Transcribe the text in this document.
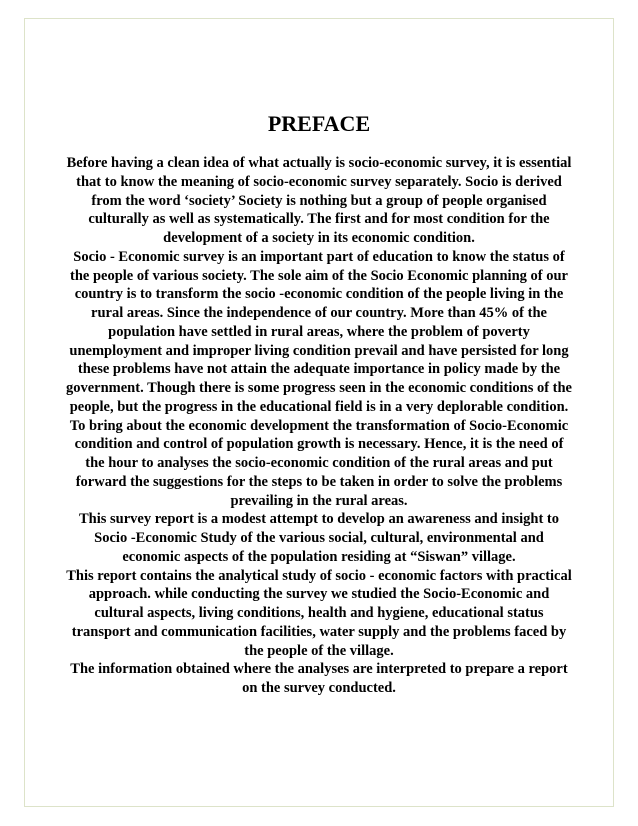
PREFACE
Before having a clean idea of what actually is socio-economic survey, it is essential
that to know the meaning of socio-economic survey separately. Socio is derived
from the word ‘society’ Society is nothing but a group of people organised
culturally as well as systematically. The first and for most condition for the
development of a society in its economic condition.
Socio - Economic survey is an important part of education to know the status of
the people of various society. The sole aim of the Socio Economic planning of our
country is to transform the socio -economic condition of the people living in the
rural areas. Since the independence of our country. More than 45% of the
population have settled in rural areas, where the problem of poverty
unemployment and improper living condition prevail and have persisted for long
these problems have not attain the adequate importance in policy made by the
government. Though there is some progress seen in the economic conditions of the
people, but the progress in the educational field is in a very deplorable condition.
To bring about the economic development the transformation of Socio-Economic
condition and control of population growth is necessary. Hence, it is the need of
the hour to analyses the socio-economic condition of the rural areas and put
forward the suggestions for the steps to be taken in order to solve the problems
prevailing in the rural areas.
This survey report is a modest attempt to develop an awareness and insight to
Socio -Economic Study of the various social, cultural, environmental and
economic aspects of the population residing at “Siswan” village.
This report contains the analytical study of socio - economic factors with practical
approach. while conducting the survey we studied the Socio-Economic and
cultural aspects, living conditions, health and hygiene, educational status
transport and communication facilities, water supply and the problems faced by
the people of the village.
The information obtained where the analyses are interpreted to prepare a report
on the survey conducted.
